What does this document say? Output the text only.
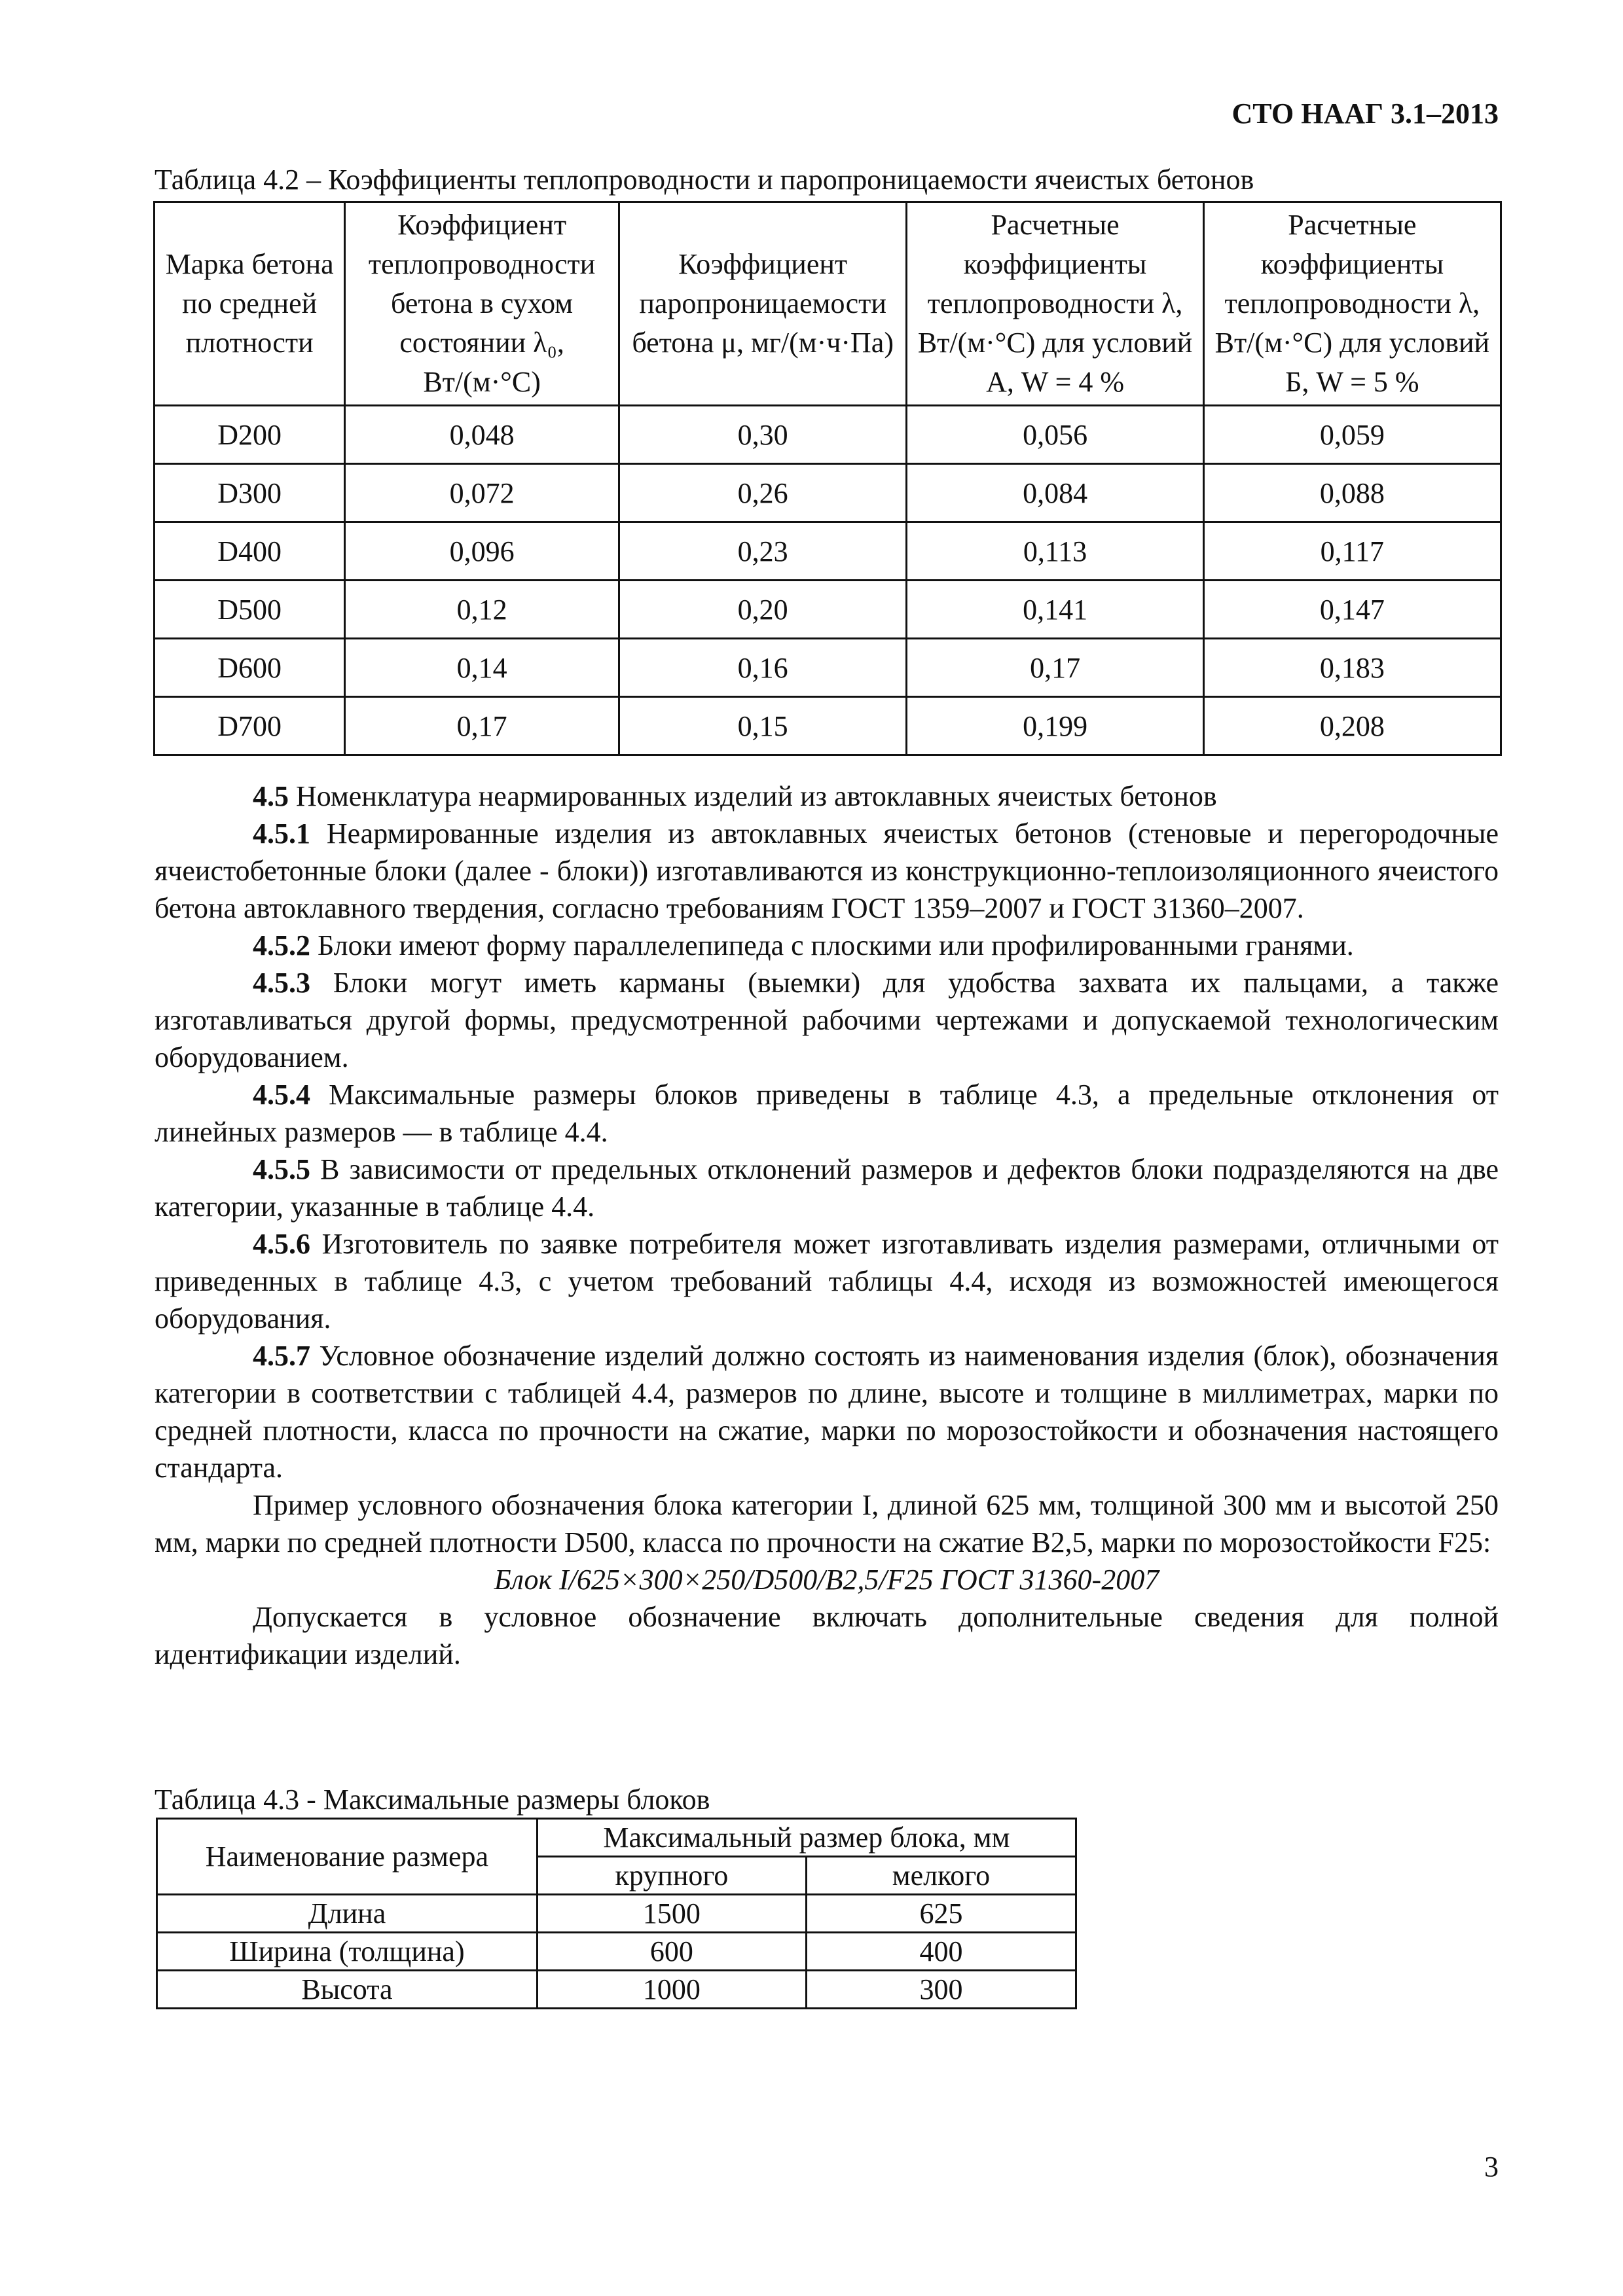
СТО НААГ 3.1–2013
Таблица 4.2 – Коэффициенты теплопроводности и паропроницаемости ячеистых бетонов
Марка бетона по средней плотности	Коэффициент теплопроводности бетона в сухом состоянии λ₀, Вт/(м·°С)	Коэффициент паропроницаемости бетона μ, мг/(м·ч·Па)	Расчетные коэффициенты теплопроводности λ, Вт/(м·°С) для условий А, W = 4 %	Расчетные коэффициенты теплопроводности λ, Вт/(м·°С) для условий Б, W = 5 %
D200	0,048	0,30	0,056	0,059
D300	0,072	0,26	0,084	0,088
D400	0,096	0,23	0,113	0,117
D500	0,12	0,20	0,141	0,147
D600	0,14	0,16	0,17	0,183
D700	0,17	0,15	0,199	0,208

4.5 Номенклатура неармированных изделий из автоклавных ячеистых бетонов

4.5.1 Неармированные изделия из автоклавных ячеистых бетонов (стеновые и перегородочные ячеистобетонные блоки (далее - блоки)) изготавливаются из конструкционно-теплоизоляционного ячеистого бетона автоклавного твердения, согласно требованиям ГОСТ 1359–2007 и ГОСТ 31360–2007.

4.5.2 Блоки имеют форму параллелепипеда с плоскими или профилированными гранями.

4.5.3 Блоки могут иметь карманы (выемки) для удобства захвата их пальцами, а также изготавливаться другой формы, предусмотренной рабочими чертежами и допускаемой технологическим оборудованием.

4.5.4 Максимальные размеры блоков приведены в таблице 4.3, а предельные отклонения от линейных размеров — в таблице 4.4.

4.5.5 В зависимости от предельных отклонений размеров и дефектов блоки подразделяются на две категории, указанные в таблице 4.4.

4.5.6 Изготовитель по заявке потребителя может изготавливать изделия размерами, отличными от приведенных в таблице 4.3, с учетом требований таблицы 4.4, исходя из возможностей имеющегося оборудования.

4.5.7 Условное обозначение изделий должно состоять из наименования изделия (блок), обозначения категории в соответствии с таблицей 4.4, размеров по длине, высоте и толщине в миллиметрах, марки по средней плотности, класса по прочности на сжатие, марки по морозостойкости и обозначения настоящего стандарта.

Пример условного обозначения блока категории I, длиной 625 мм, толщиной 300 мм и высотой 250 мм, марки по средней плотности D500, класса по прочности на сжатие В2,5, марки по морозостойкости F25:

Блок I/625×300×250/D500/B2,5/F25 ГОСТ 31360-2007

Допускается в условное обозначение включать дополнительные сведения для полной идентификации изделий.

Таблица 4.3 - Максимальные размеры блоков
Наименование размера	Максимальный размер блока, мм	
	крупного	мелкого
Длина	1500	625
Ширина (толщина)	600	400
Высота	1000	300
3
